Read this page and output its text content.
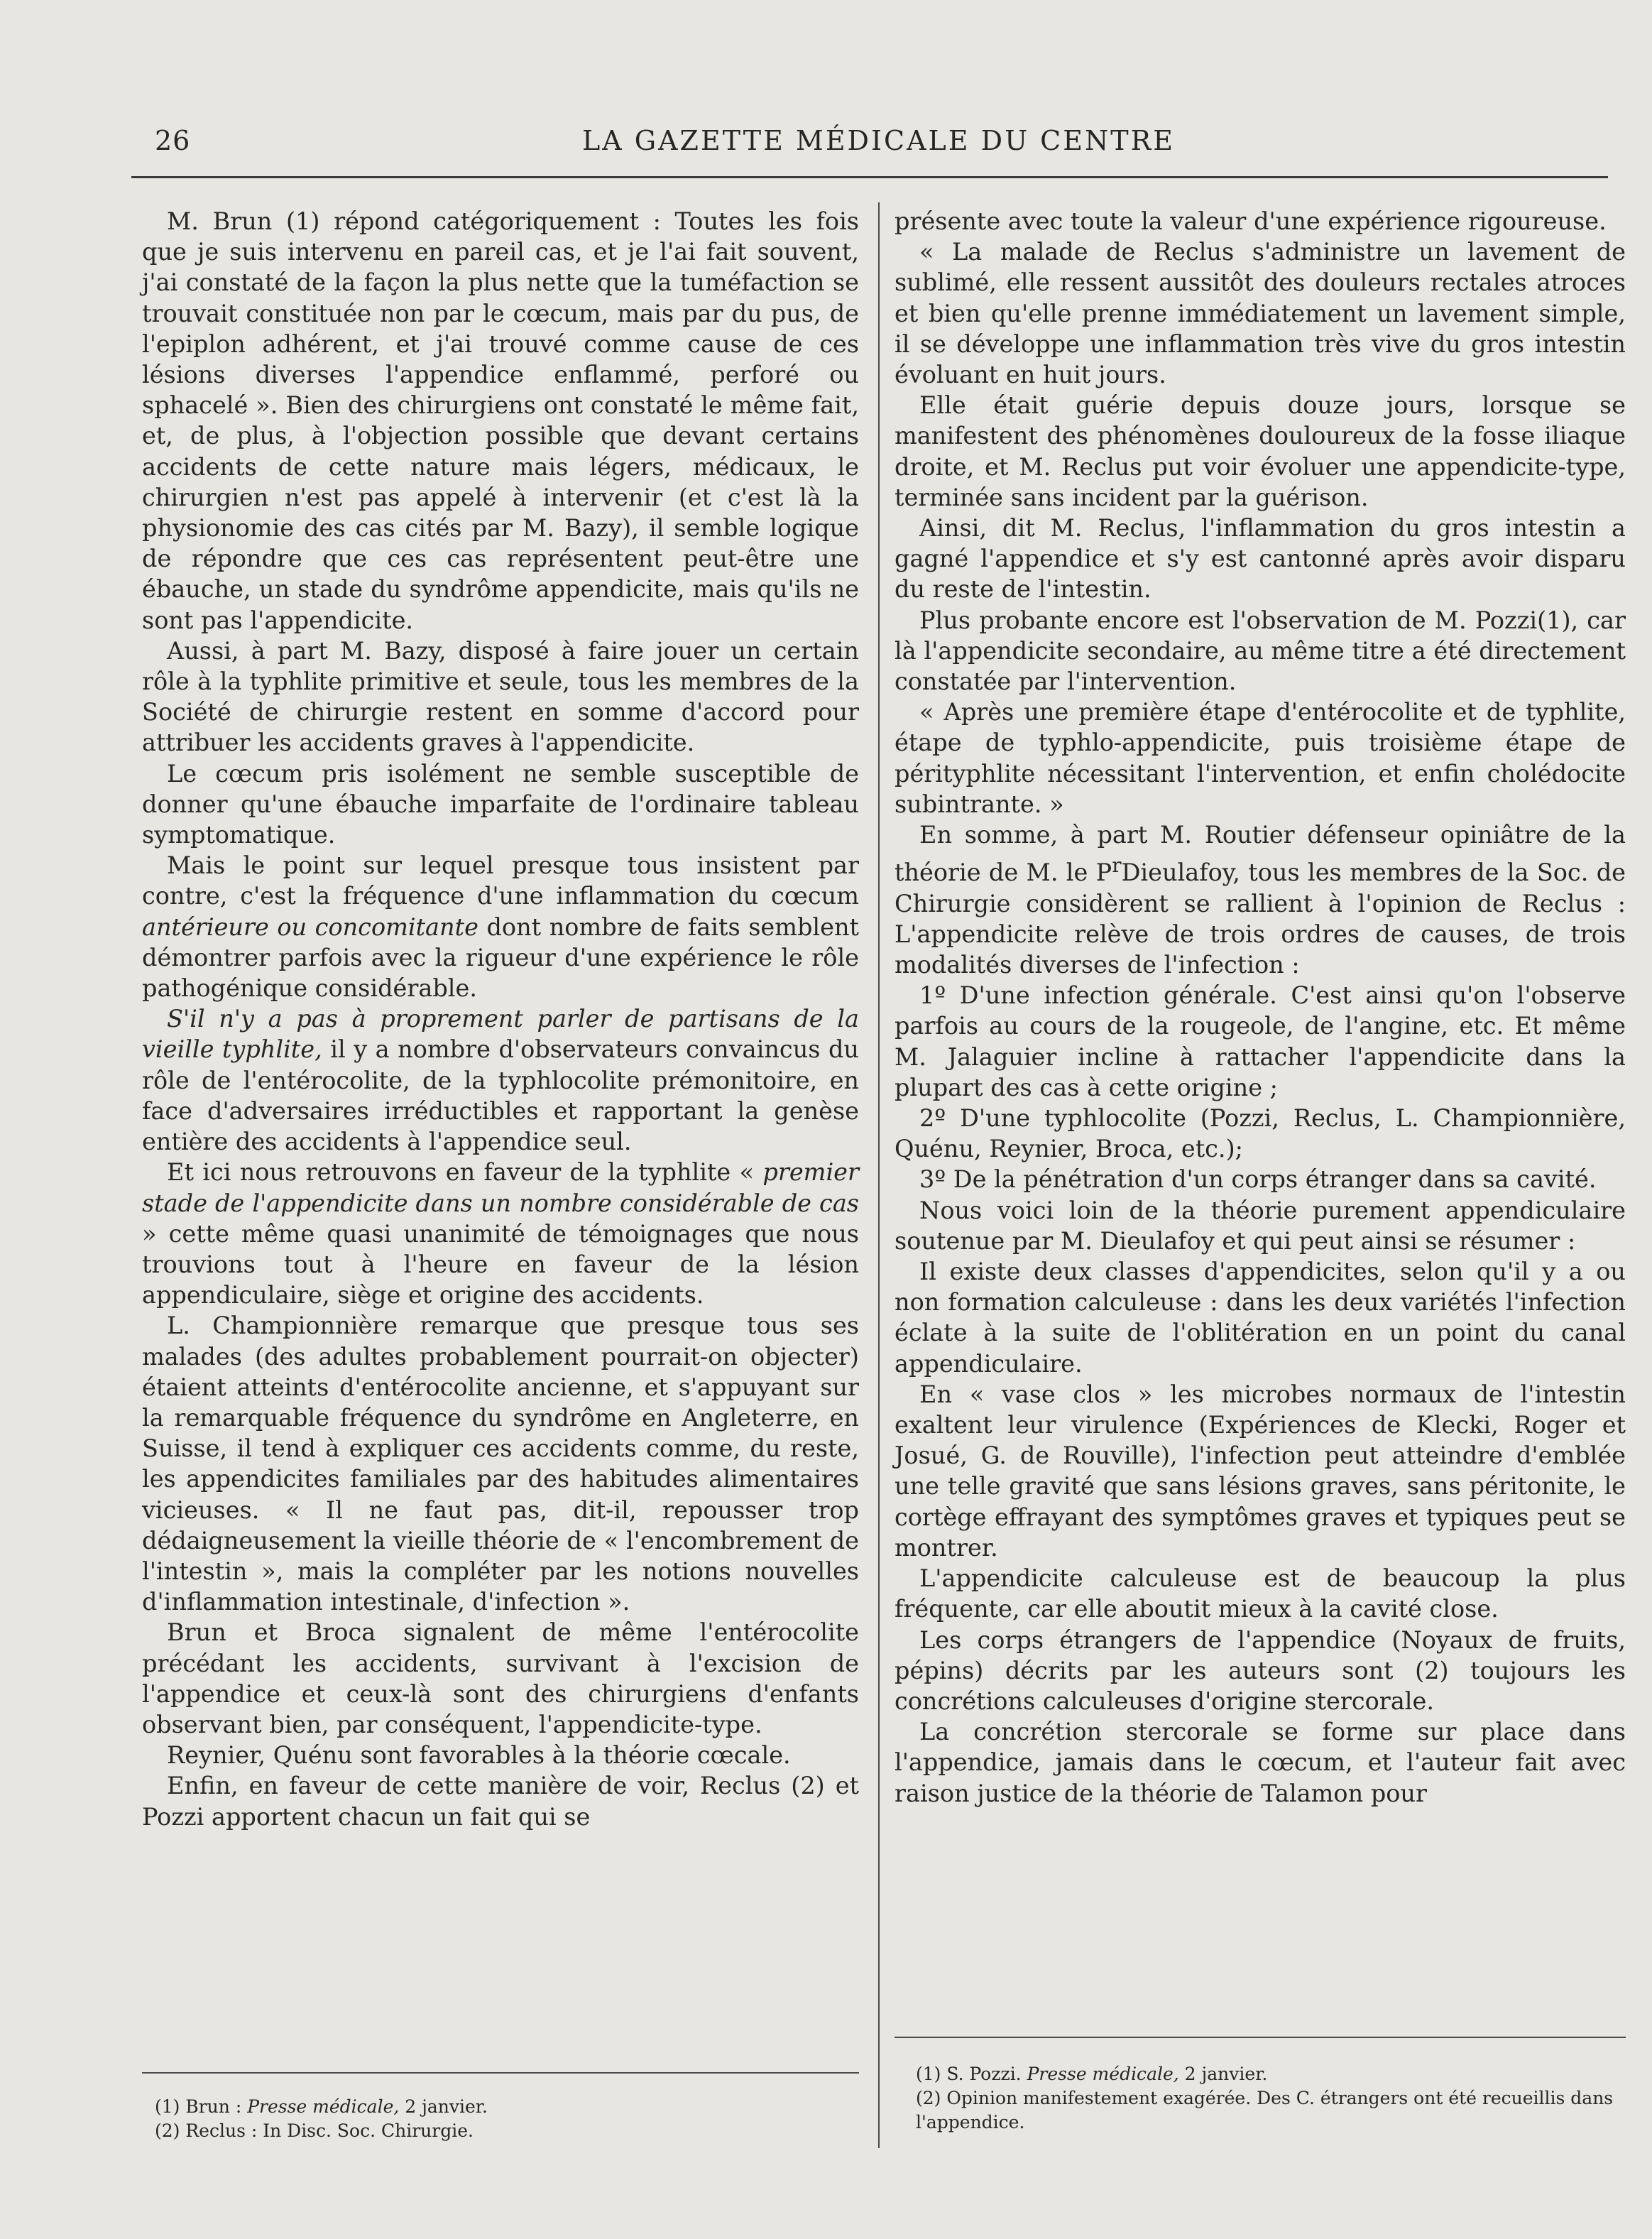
26	LA GAZETTE MÉDICALE DU CENTRE

M. Brun (1) répond catégoriquement : Toutes les fois que je suis intervenu en pareil cas, et je l'ai fait souvent, j'ai constaté de la façon la plus nette que la tuméfaction se trouvait constituée non par le cœcum, mais par du pus, de l'epiplon adhérent, et j'ai trouvé comme cause de ces lésions diverses l'appendice enflammé, perforé ou sphacelé ». Bien des chirurgiens ont constaté le même fait, et, de plus, à l'objection possible que devant certains accidents de cette nature mais légers, médicaux, le chirurgien n'est pas appelé à intervenir (et c'est là la physionomie des cas cités par M. Bazy), il semble logique de répondre que ces cas représentent peut-être une ébauche, un stade du syndrôme appendicite, mais qu'ils ne sont pas l'appendicite.

Aussi, à part M. Bazy, disposé à faire jouer un certain rôle à la typhlite primitive et seule, tous les membres de la Société de chirurgie restent en somme d'accord pour attribuer les accidents graves à l'appendicite.

Le cœcum pris isolément ne semble susceptible de donner qu'une ébauche imparfaite de l'ordinaire tableau symptomatique.

Mais le point sur lequel presque tous insistent par contre, c'est la fréquence d'une inflammation du cœcum antérieure ou concomitante dont nombre de faits semblent démontrer parfois avec la rigueur d'une expérience le rôle pathogénique considérable.

S'il n'y a pas à proprement parler de partisans de la vieille typhlite, il y a nombre d'observateurs convaincus du rôle de l'entérocolite, de la typhlocolite prémonitoire, en face d'adversaires irréductibles et rapportant la genèse entière des accidents à l'appendice seul.

Et ici nous retrouvons en faveur de la typhlite « premier stade de l'appendicite dans un nombre considérable de cas » cette même quasi unanimité de témoignages que nous trouvions tout à l'heure en faveur de la lésion appendiculaire, siège et origine des accidents.

L. Championnière remarque que presque tous ses malades (des adultes probablement pourrait-on objecter) étaient atteints d'entérocolite ancienne, et s'appuyant sur la remarquable fréquence du syndrôme en Angleterre, en Suisse, il tend à expliquer ces accidents comme, du reste, les appendicites familiales par des habitudes alimentaires vicieuses. « Il ne faut pas, dit-il, repousser trop dédaigneusement la vieille théorie de « l'encombrement de l'intestin », mais la compléter par les notions nouvelles d'inflammation intestinale, d'infection ».

Brun et Broca signalent de même l'entérocolite précédant les accidents, survivant à l'excision de l'appendice et ceux-là sont des chirurgiens d'enfants observant bien, par conséquent, l'appendicite-type.

Reynier, Quénu sont favorables à la théorie cœcale.

Enfin, en faveur de cette manière de voir, Reclus (2) et Pozzi apportent chacun un fait qui se

présente avec toute la valeur d'une expérience rigoureuse.

« La malade de Reclus s'administre un lavement de sublimé, elle ressent aussitôt des douleurs rectales atroces et bien qu'elle prenne immédiatement un lavement simple, il se développe une inflammation très vive du gros intestin évoluant en huit jours.

Elle était guérie depuis douze jours, lorsque se manifestent des phénomènes douloureux de la fosse iliaque droite, et M. Reclus put voir évoluer une appendicite-type, terminée sans incident par la guérison.

Ainsi, dit M. Reclus, l'inflammation du gros intestin a gagné l'appendice et s'y est cantonné après avoir disparu du reste de l'intestin.

Plus probante encore est l'observation de M. Pozzi(1), car là l'appendicite secondaire, au même titre a été directement constatée par l'intervention.

« Après une première étape d'entérocolite et de typhlite, étape de typhlo-appendicite, puis troisième étape de pérityphlite nécessitant l'intervention, et enfin cholédocite subintrante. »

En somme, à part M. Routier défenseur opiniâtre de la théorie de M. le $P^rDieulafoy$, tous les membres de la Soc. de Chirurgie considèrent se rallient à l'opinion de Reclus : L'appendicite relève de trois ordres de causes, de trois modalités diverses de l'infection :

1º D'une infection générale. C'est ainsi qu'on l'observe parfois au cours de la rougeole, de l'angine, etc. Et même M. Jalaguier incline à rattacher l'appendicite dans la plupart des cas à cette origine ;

2º D'une typhlocolite (Pozzi, Reclus, L. Championnière, Quénu, Reynier, Broca, etc.);

3º De la pénétration d'un corps étranger dans sa cavité.

Nous voici loin de la théorie purement appendiculaire soutenue par M. Dieulafoy et qui peut ainsi se résumer :

Il existe deux classes d'appendicites, selon qu'il y a ou non formation calculeuse : dans les deux variétés l'infection éclate à la suite de l'oblitération en un point du canal appendiculaire.

En « vase clos » les microbes normaux de l'intestin exaltent leur virulence (Expériences de Klecki, Roger et Josué, G. de Rouville), l'infection peut atteindre d'emblée une telle gravité que sans lésions graves, sans péritonite, le cortège effrayant des symptômes graves et typiques peut se montrer.

L'appendicite calculeuse est de beaucoup la plus fréquente, car elle aboutit mieux à la cavité close.

Les corps étrangers de l'appendice (Noyaux de fruits, pépins) décrits par les auteurs sont (2) toujours les concrétions calculeuses d'origine stercorale.

La concrétion stercorale se forme sur place dans l'appendice, jamais dans le cœcum, et l'auteur fait avec raison justice de la théorie de Talamon pour

(1) Brun : Presse médicale, 2 janvier.

(2) Reclus : In Disc. Soc. Chirurgie.

(1) S. Pozzi. Presse médicale, 2 janvier.

(2) Opinion manifestement exagérée. Des C. étrangers ont été recueillis dans l'appendice.
